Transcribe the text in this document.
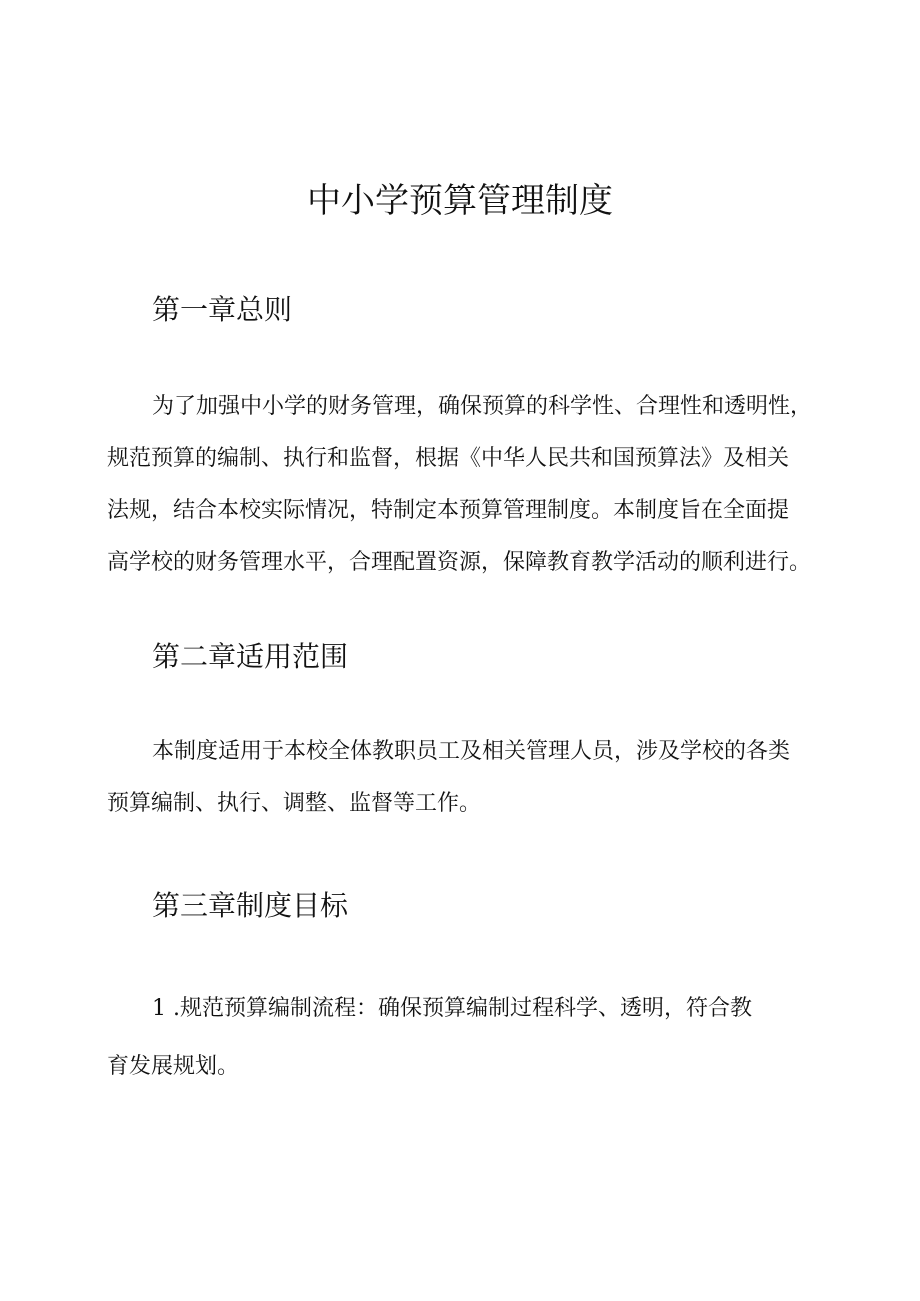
中小学预算管理制度
第一章总则

为了加强中小学的财务管理，确保预算的科学性、合理性和透明性，
规范预算的编制、执行和监督，根据《中华人民共和国预算法》及相关
法规，结合本校实际情况，特制定本预算管理制度。本制度旨在全面提
高学校的财务管理水平，合理配置资源，保障教育教学活动的顺利进行。

第二章适用范围

本制度适用于本校全体教职员工及相关管理人员，涉及学校的各类
预算编制、执行、调整、监督等工作。

第三章制度目标

1 .规范预算编制流程：确保预算编制过程科学、透明，符合教
育发展规划。
